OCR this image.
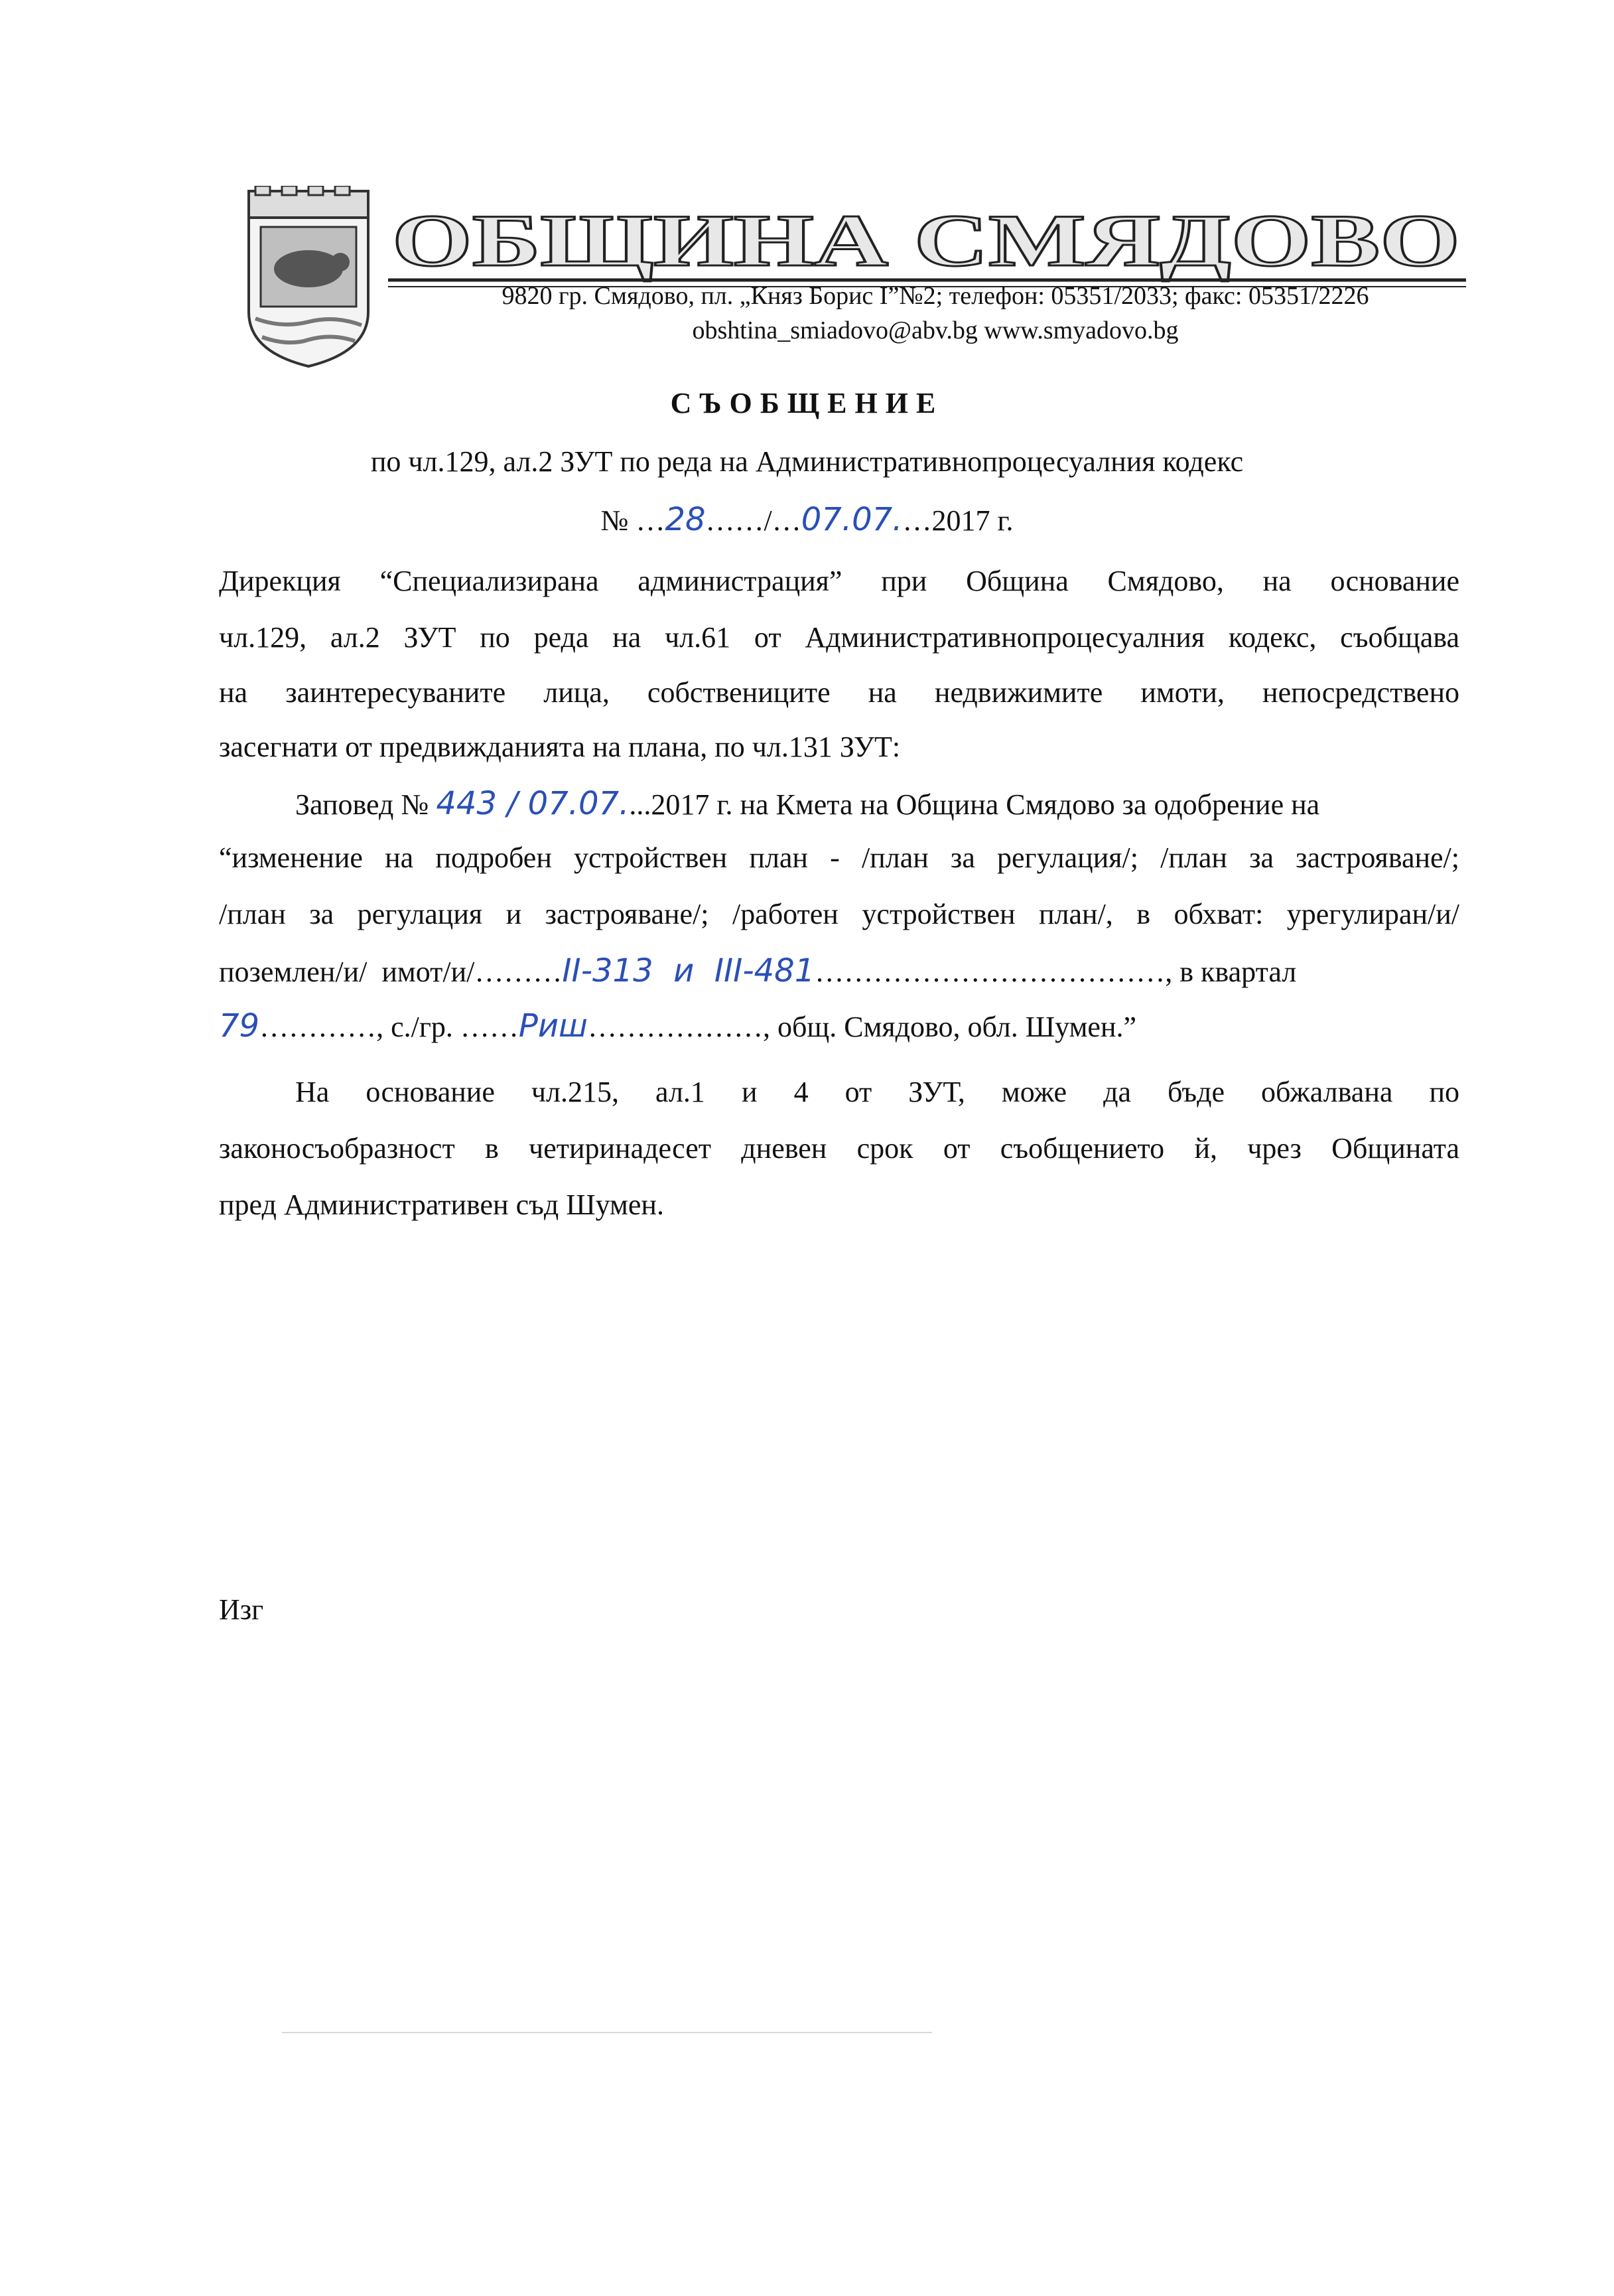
ОБЩИНА СМЯДОВО
9820 гр. Смядово, пл. „Княз Борис I”№2; телефон: 05351/2033; факс: 05351/2226
obshtina_smiadovo@abv.bg www.smyadovo.bg
СЪОБЩЕНИЕ
по чл.129, ал.2 ЗУТ по реда на Административнопроцесуалния кодекс
№ …28……/…07.07.…2017 г.
Дирекция “Специализирана администрация” при Община Смядово, на основание
чл.129, ал.2 ЗУТ по реда на чл.61 от Административнопроцесуалния кодекс, съобщава
на заинтересуваните лица, собствениците на недвижимите имоти, непосредствено
засегнати от предвижданията на плана, по чл.131 ЗУТ:
Заповед № 443 / 07.07....2017 г. на Кмета на Община Смядово за одобрение на
“изменение на подробен устройствен план - /план за регулация/; /план за застрояване/;
/план за регулация и застрояване/; /работен устройствен план/, в обхват: урегулиран/и/
поземлен/и/  имот/и/………II-313  и  III-481………………………………, в квартал
79…………, с./гр. ……Риш………………, общ. Смядово, обл. Шумен.”
На основание чл.215, ал.1 и 4 от ЗУТ, може да бъде обжалвана по
законосъобразност в четиринадесет дневен срок от съобщението й, чрез Общината
пред Административен съд Шумен.
Изг
